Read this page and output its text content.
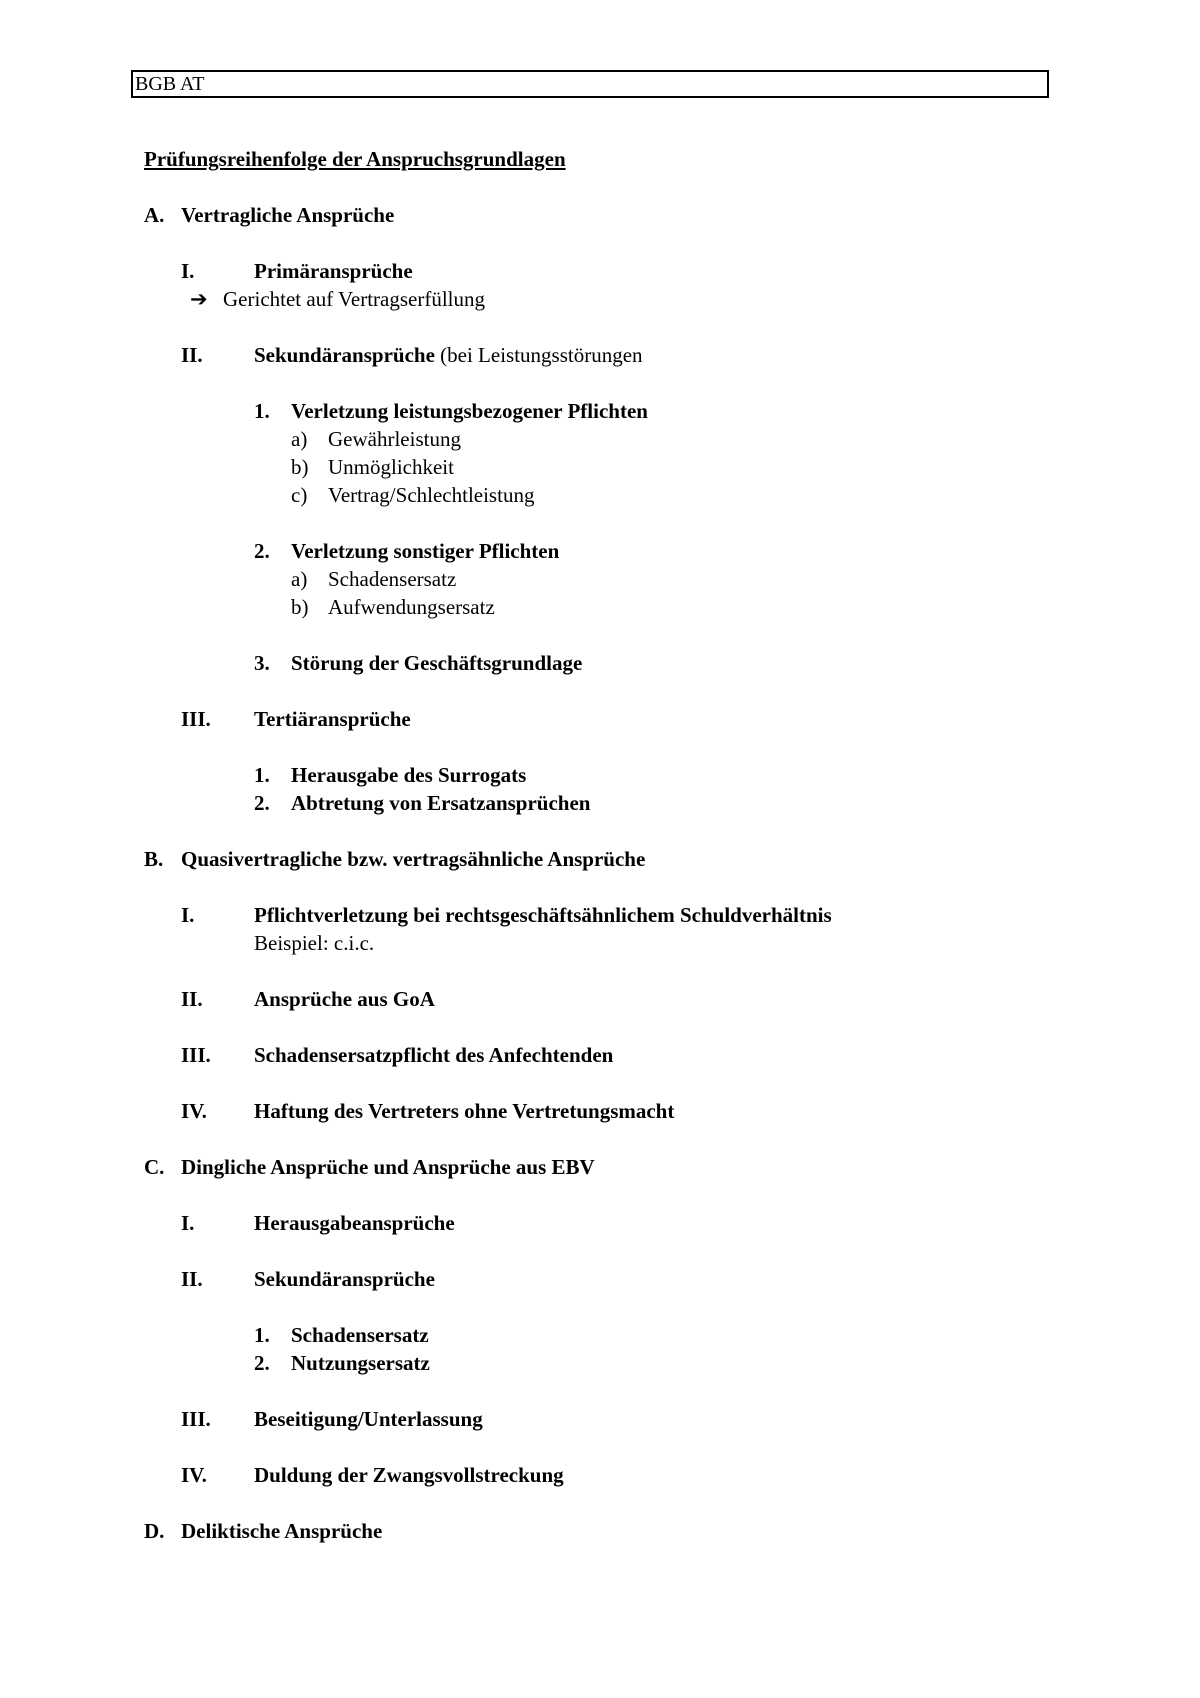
BGB AT
Prüfungsreihenfolge der Anspruchsgrundlagen
A. Vertragliche Ansprüche
I.	Primäransprüche
➔ Gerichtet auf Vertragserfüllung
II. Sekundäransprüche (bei Leistungsstörungen
1. Verletzung leistungsbezogener Pflichten
a) Gewährleistung
b) Unmöglichkeit
c) Vertrag/Schlechtleistung
2. Verletzung sonstiger Pflichten
a) Schadensersatz
b) Aufwendungsersatz
3. Störung der Geschäftsgrundlage
III. Tertiäransprüche
1. Herausgabe des Surrogats
2. Abtretung von Ersatzansprüchen
B. Quasivertragliche bzw. vertragsähnliche Ansprüche
I.	Pflichtverletzung bei rechtsgeschäftsähnlichem Schuldverhältnis
Beispiel: c.i.c.
II. Ansprüche aus GoA
III. Schadensersatzpflicht des Anfechtenden
IV. Haftung des Vertreters ohne Vertretungsmacht
C. Dingliche Ansprüche und Ansprüche aus EBV
I.	Herausgabeansprüche
II. Sekundäransprüche
1. Schadensersatz
2. Nutzungsersatz
III. Beseitigung/Unterlassung
IV. Duldung der Zwangsvollstreckung
D. Deliktische Ansprüche
